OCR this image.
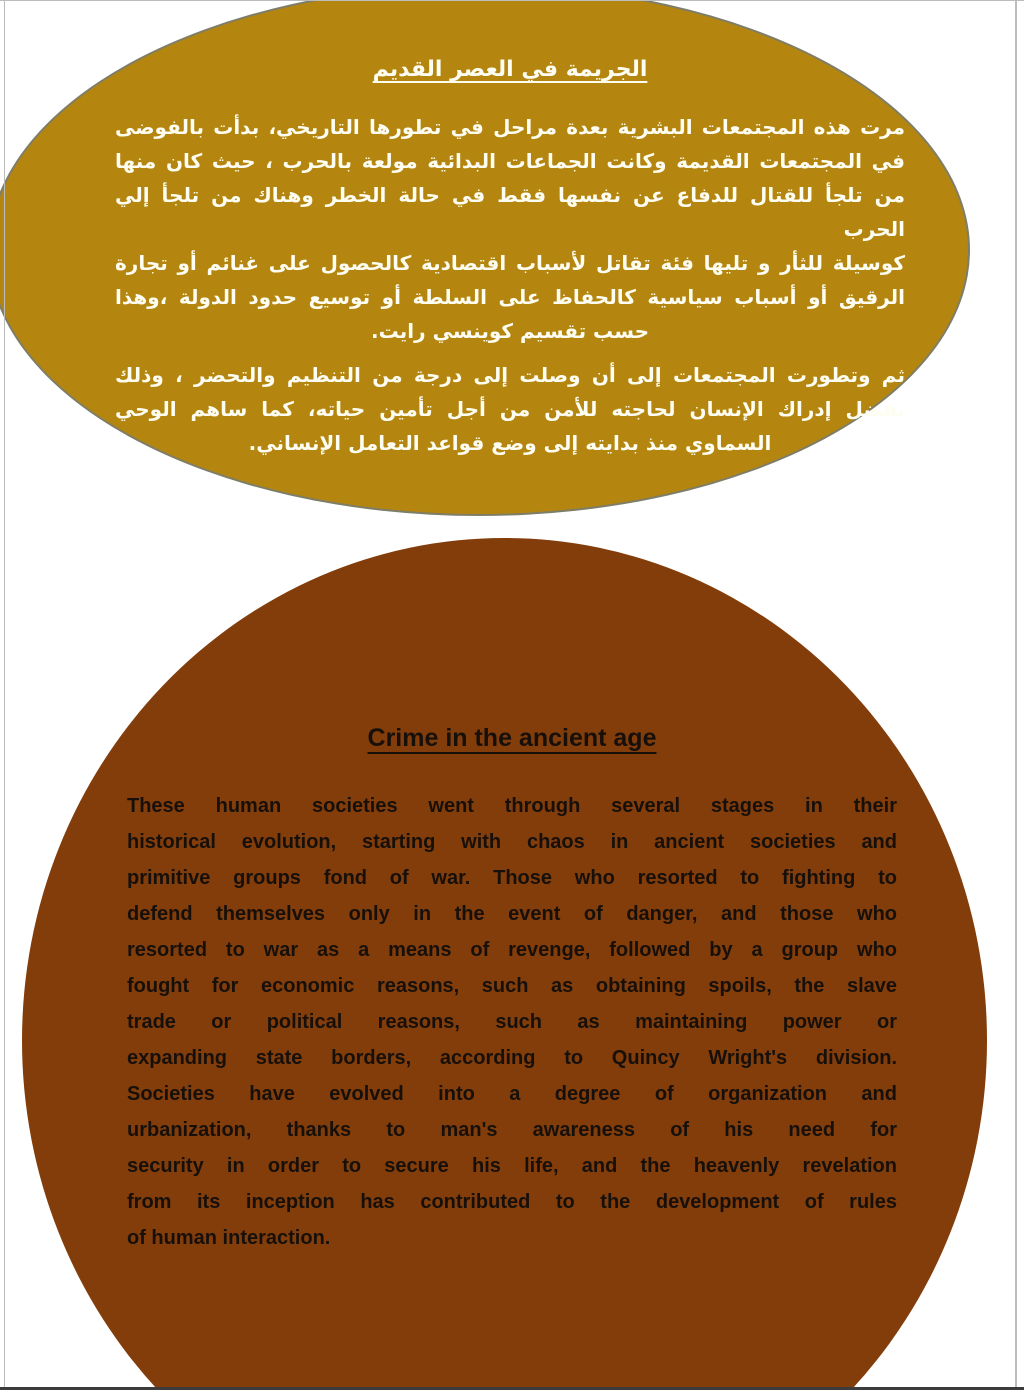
الجريمة في العصر القديم
مرت هذه المجتمعات البشرية بعدة مراحل في تطورها التاريخي، بدأت بالفوضى
في المجتمعات القديمة وكانت الجماعات البدائية مولعة بالحرب ، حيث كان منها
من تلجأ للقتال للدفاع عن نفسها فقط في حالة الخطر وهناك من تلجأ إلي الحرب
كوسيلة للثأر و تليها فئة تقاتل لأسباب اقتصادية كالحصول على غنائم أو تجارة
الرقيق أو أسباب سياسية كالحفاظ على السلطة أو توسيع حدود الدولة ،وهذا
حسب تقسيم كوينسي رايت.
ثم وتطورت المجتمعات إلى أن وصلت إلى درجة من التنظيم والتحضر ، وذلك
بفضل إدراك الإنسان لحاجته للأمن من أجل تأمين حياته، كما ساهم الوحي
السماوي منذ بدايته إلى وضع قواعد التعامل الإنساني.
Crime in the ancient age
These human societies went through several stages in their
historical evolution, starting with chaos in ancient societies and
primitive groups fond of war. Those who resorted to fighting to
defend themselves only in the event of danger, and those who
resorted to war as a means of revenge, followed by a group who
fought for economic reasons, such as obtaining spoils, the slave
trade or political reasons, such as maintaining power or
expanding state borders, according to Quincy Wright's division.
Societies have evolved into a degree of organization and
urbanization, thanks to man's awareness of his need for
security in order to secure his life, and the heavenly revelation
from its inception has contributed to the development of rules
of human interaction.
